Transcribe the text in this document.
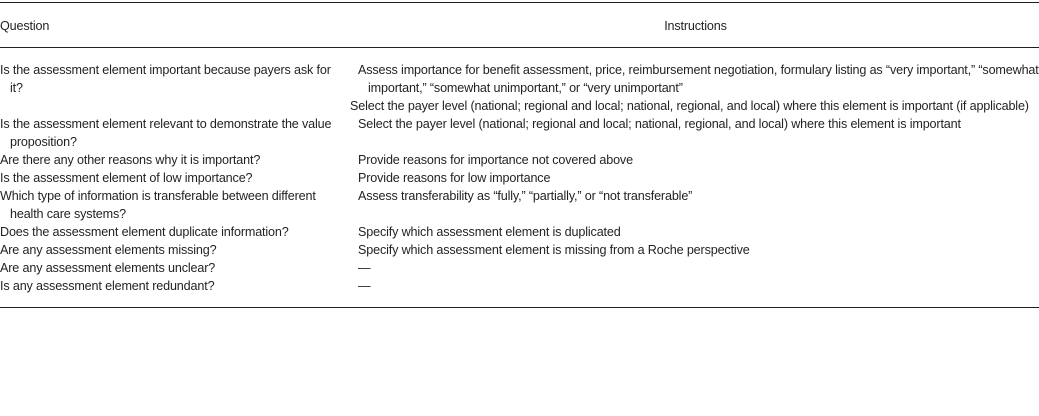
Question	Instructions

Is the assessment element important because payers ask for it?	Assess importance for benefit assessment, price, reimbursement negotiation, formulary listing as “very important,” “somewhat important,” “somewhat unimportant,” or “very unimportant”
Select the payer level (national; regional and local; national, regional, and local) where this element is important (if applicable)

Is the assessment element relevant to demonstrate the value proposition?	Select the payer level (national; regional and local; national, regional, and local) where this element is important

Are there any other reasons why it is important?	Provide reasons for importance not covered above

Is the assessment element of low importance?	Provide reasons for low importance

Which type of information is transferable between different health care systems?	Assess transferability as “fully,” “partially,” or “not transferable”

Does the assessment element duplicate information?	Specify which assessment element is duplicated

Are any assessment elements missing?	Specify which assessment element is missing from a Roche perspective

Are any assessment elements unclear?	—

Is any assessment element redundant?	—
